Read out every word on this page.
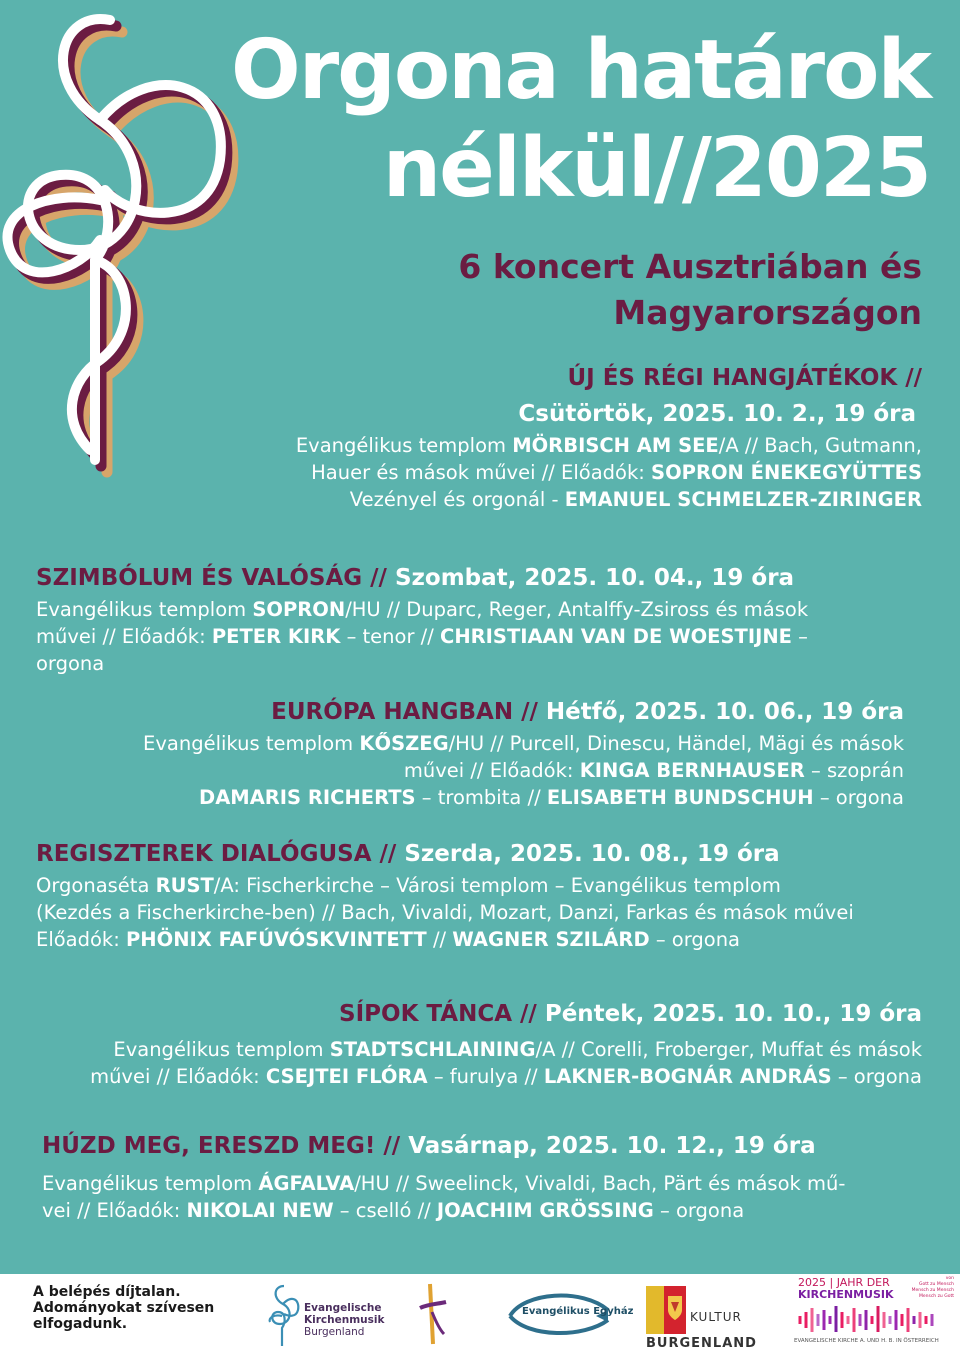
Orgona határok
nélkül//2025
6 koncert Ausztriában és
Magyarországon
ÚJ ÉS RÉGI HANGJÁTÉKOK //
Csütörtök, 2025. 10. 2., 19 óra
Evangélikus templom MÖRBISCH AM SEE/A // Bach, Gutmann,
Hauer és mások művei // Előadók: SOPRON ÉNEKEGYÜTTES
Vezényel és orgonál - EMANUEL SCHMELZER-ZIRINGER
SZIMBÓLUM ÉS VALÓSÁG // Szombat, 2025. 10. 04., 19 óra
Evangélikus templom SOPRON/HU // Duparc, Reger, Antalffy-Zsiross és mások
művei // Előadók: PETER KIRK – tenor // CHRISTIAAN VAN DE WOESTIJNE –
orgona
EURÓPA HANGBAN // Hétfő, 2025. 10. 06., 19 óra
Evangélikus templom KŐSZEG/HU // Purcell, Dinescu, Händel, Mägi és mások
művei // Előadók: KINGA BERNHAUSER – szoprán
DAMARIS RICHERTS – trombita // ELISABETH BUNDSCHUH – orgona
REGISZTEREK DIALÓGUSA // Szerda, 2025. 10. 08., 19 óra
Orgonaséta RUST/A: Fischerkirche – Városi templom – Evangélikus templom
(Kezdés a Fischerkirche-ben) // Bach, Vivaldi, Mozart, Danzi, Farkas és mások művei
Előadók: PHÖNIX FAFÚVÓSKVINTETT // WAGNER SZILÁRD – orgona
SÍPOK TÁNCA // Péntek, 2025. 10. 10., 19 óra
Evangélikus templom STADTSCHLAINING/A // Corelli, Froberger, Muffat és mások
művei // Előadók: CSEJTEI FLÓRA – furulya // LAKNER-BOGNÁR ANDRÁS – orgona
HÚZD MEG, ERESZD MEG! // Vasárnap, 2025. 10. 12., 19 óra
Evangélikus templom ÁGFALVA/HU // Sweelinck, Vivaldi, Bach, Pärt és mások mű-
vei // Előadók: NIKOLAI NEW – cselló // JOACHIM GRÖSSING – orgona
A belépés díjtalan.
Adományokat szívesen
elfogadunk.
Evangelische
Kirchenmusik
Burgenland
Evangélikus Egyház	KULTUR
BURGENLAND
2025 | JAHR DER
KIRCHENMUSIK
von
Gott zu Mensch
Mensch zu Mensch
Mensch zu Gott
EVANGELISCHE KIRCHE A. UND H. B. IN ÖSTERREICH
